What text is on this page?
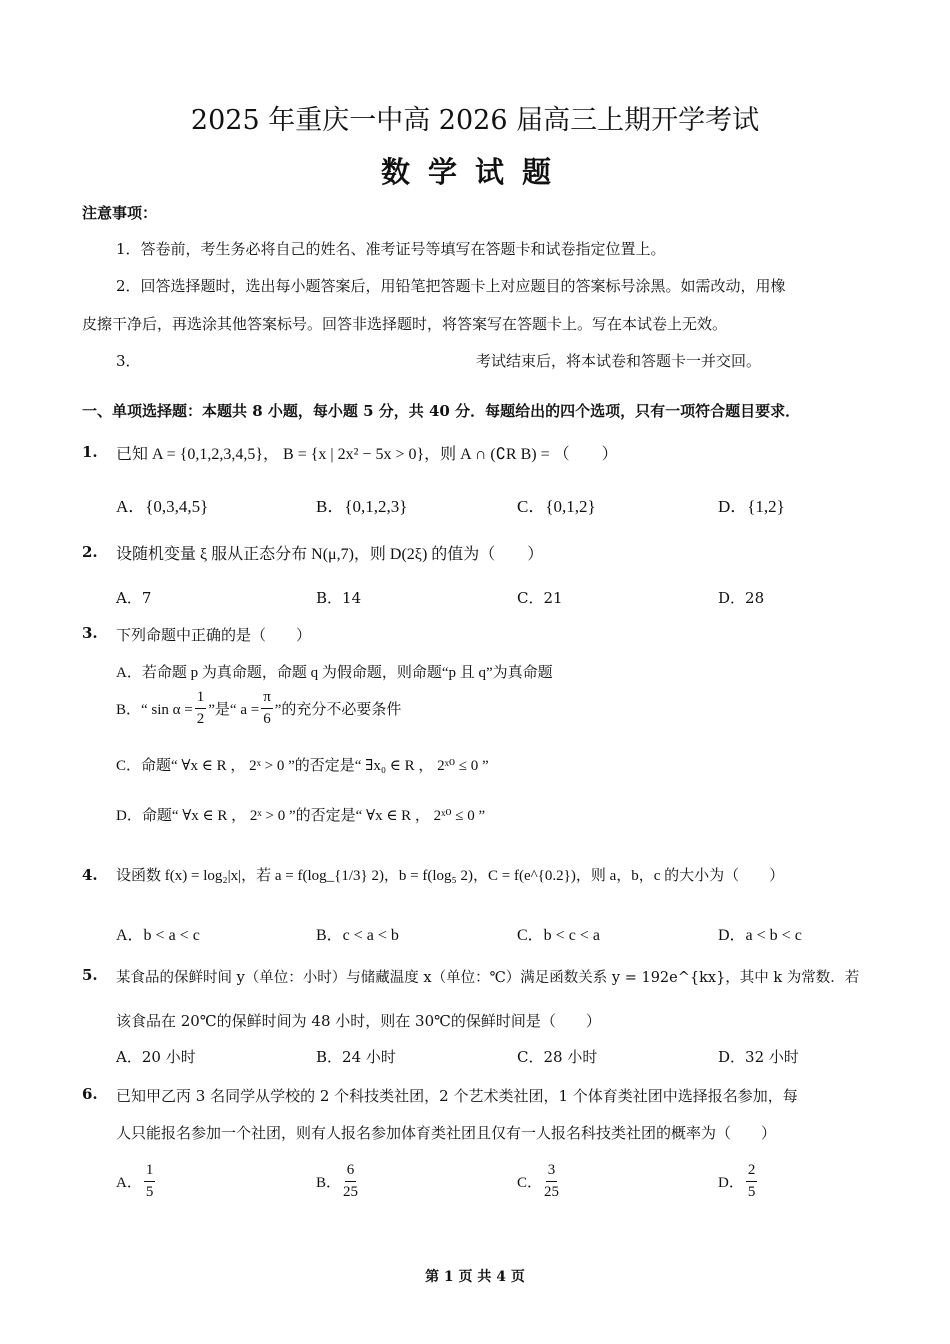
2025 年重庆一中高 2026 届高三上期开学考试
数学试题
注意事项：
1．答卷前，考生务必将自己的姓名、准考证号等填写在答题卡和试卷指定位置上。
2．回答选择题时，选出每小题答案后，用铅笔把答题卡上对应题目的答案标号涂黑。如需改动，用橡
皮擦干净后，再选涂其他答案标号。回答非选择题时，将答案写在答题卡上。写在本试卷上无效。
3．	考试结束后，将本试卷和答题卡一并交回。
一、单项选择题：本题共 8 小题，每小题 5 分，共 40 分．每题给出的四个选项，只有一项符合题目要求．
1. 已知 A = {0,1,2,3,4,5}， B = {x | 2x² − 5x > 0}，则 A ∩ (∁R B) = （　　）
A．{0,3,4,5}	B．{0,1,2,3}	C．{0,1,2}	D．{1,2}
2. 设随机变量 ξ 服从正态分布 N(μ,7)，则 D(2ξ) 的值为（　　）
A．7	B．14	C．21	D．28
3. 下列命题中正确的是（　　）
A．若命题 p 为真命题，命题 q 为假命题，则命题“p 且 q”为真命题
B．“ $\sin \alpha = \frac{1}{2}$ ”是“ $a = \frac{\pi}{6}$ ”的充分不必要条件
C．命题“ ∀x ∈ R ， 2ˣ > 0 ”的否定是“ ∃x₀ ∈ R ， 2ˣ⁰ ≤ 0 ”
D．命题“ ∀x ∈ R ， 2ˣ > 0 ”的否定是“ ∀x ∈ R ， 2ˣ⁰ ≤ 0 ”
4. 设函数 f(x) = log₂|x|，若 a = f(log_{1/3} 2)，b = f(log₅ 2)，C = f(e^{0.2})，则 a，b，c 的大小为（　　）
A．b < a < c	B．c < a < b	C．b < c < a	D．a < b < c
5. 某食品的保鲜时间 y（单位：小时）与储藏温度 x（单位：℃）满足函数关系 y = 192e^{kx}，其中 k 为常数．若
该食品在 20℃的保鲜时间为 48 小时，则在 30℃的保鲜时间是（　　）
A．20 小时	B．24 小时	C．28 小时	D．32 小时
6. 已知甲乙丙 3 名同学从学校的 2 个科技类社团，2 个艺术类社团，1 个体育类社团中选择报名参加，每
人只能报名参加一个社团，则有人报名参加体育类社团且仅有一人报名科技类社团的概率为（　　）
A． $\frac{1}{5}$	B． $\frac{6}{25}$	C． $\frac{3}{25}$	D． $\frac{2}{5}$
第 1 页 共 4 页
